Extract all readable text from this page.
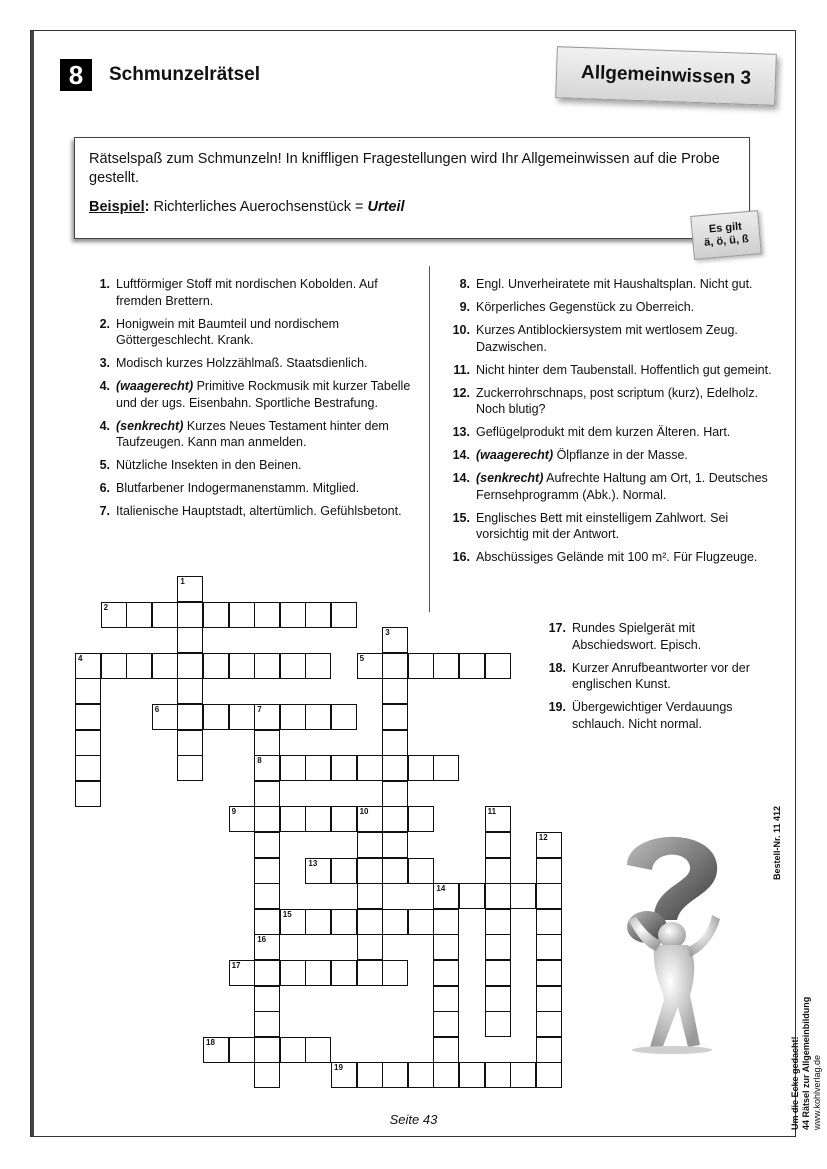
8	Schmunzelrätsel	Allgemeinwissen 3
Rätselspaß zum Schmunzeln! In kniffligen Fragestellungen wird Ihr Allgemeinwissen auf die Probe gestellt.
Beispiel: Richterliches Auerochsenstück = Urteil
Es gilt
ä, ö, ü, ß
1. Luftförmiger Stoff mit nordischen Kobolden. Auf fremden Brettern.
2. Honigwein mit Baumteil und nordischem Göttergeschlecht. Krank.
3. Modisch kurzes Holzzählmaß. Staatsdienlich.
4. (waagerecht) Primitive Rockmusik mit kurzer Tabelle und der ugs. Eisenbahn. Sportliche Bestrafung.
4. (senkrecht) Kurzes Neues Testament hinter dem Taufzeugen. Kann man anmelden.
5. Nützliche Insekten in den Beinen.
6. Blutfarbener Indogermanenstamm. Mitglied.
7. Italienische Hauptstadt, altertümlich. Gefühlsbetont.
8. Engl. Unverheiratete mit Haushaltsplan. Nicht gut.
9. Körperliches Gegenstück zu Oberreich.
10. Kurzes Antiblockiersystem mit wertlosem Zeug. Dazwischen.
11. Nicht hinter dem Taubenstall. Hoffentlich gut gemeint.
12. Zuckerrohrschnaps, post scriptum (kurz), Edelholz. Noch blutig?
13. Geflügelprodukt mit dem kurzen Älteren. Hart.
14. (waagerecht) Ölpflanze in der Masse.
14. (senkrecht) Aufrechte Haltung am Ort, 1. Deutsches Fernsehprogramm (Abk.). Normal.
15. Englisches Bett mit einstelligem Zahlwort. Sei vorsichtig mit der Antwort.
16. Abschüssiges Gelände mit 100 m². Für Flugzeuge.
17. Rundes Spielgerät mit Abschiedswort. Episch.
18. Kurzer Anrufbeantworter vor der englischen Kunst.
19. Übergewichtiger Verdauungs schlauch. Nicht normal.
1
2
3
4	5
6	7
8
9	10	11
12
13
14
15
16
17
18
19
Bestell-Nr. 11 412
Um die Ecke gedacht! 44 Rätsel zur Allgemeinbildung www.kohlverlag.de
Seite 43
